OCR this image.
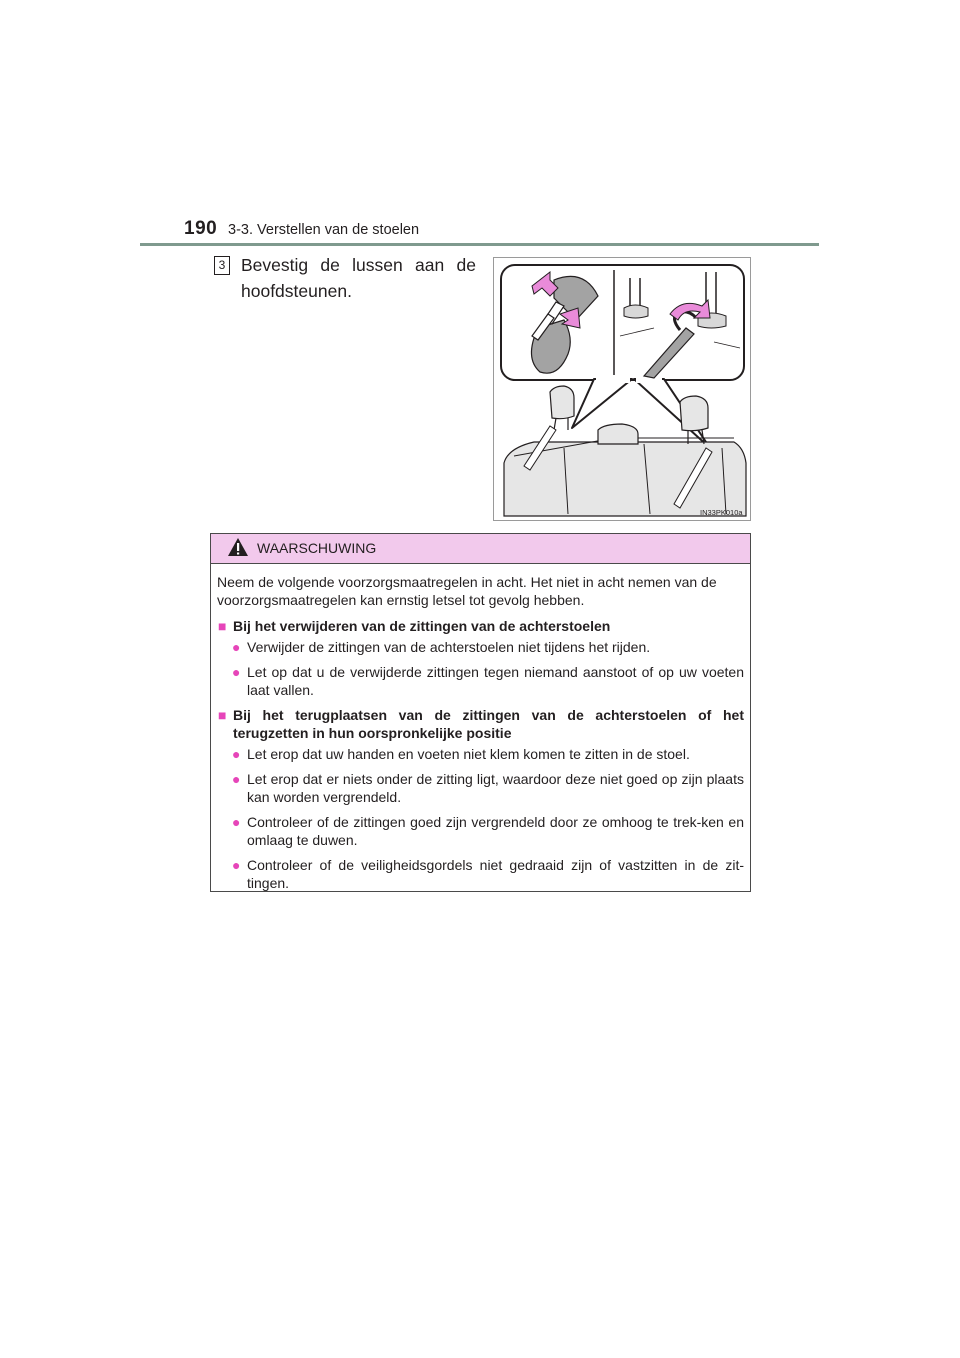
190 3-3. Verstellen van de stoelen
3 Bevestig de lussen aan de hoofdsteunen.
IN33PK010a
WAARSCHUWING

Neem de volgende voorzorgsmaatregelen in acht. Het niet in acht nemen van de voorzorgsmaatregelen kan ernstig letsel tot gevolg hebben.

■ Bij het verwijderen van de zittingen van de achterstoelen

● Verwijder de zittingen van de achterstoelen niet tijdens het rijden.

● Let op dat u de verwijderde zittingen tegen niemand aanstoot of op uw voeten laat vallen.

■ Bij het terugplaatsen van de zittingen van de achterstoelen of het terugzetten in hun oorspronkelijke positie

● Let erop dat uw handen en voeten niet klem komen te zitten in de stoel.

● Let erop dat er niets onder de zitting ligt, waardoor deze niet goed op zijn plaats kan worden vergrendeld.

● Controleer of de zittingen goed zijn vergrendeld door ze omhoog te trek-ken en omlaag te duwen.

● Controleer of de veiligheidsgordels niet gedraaid zijn of vastzitten in de zit-tingen.
